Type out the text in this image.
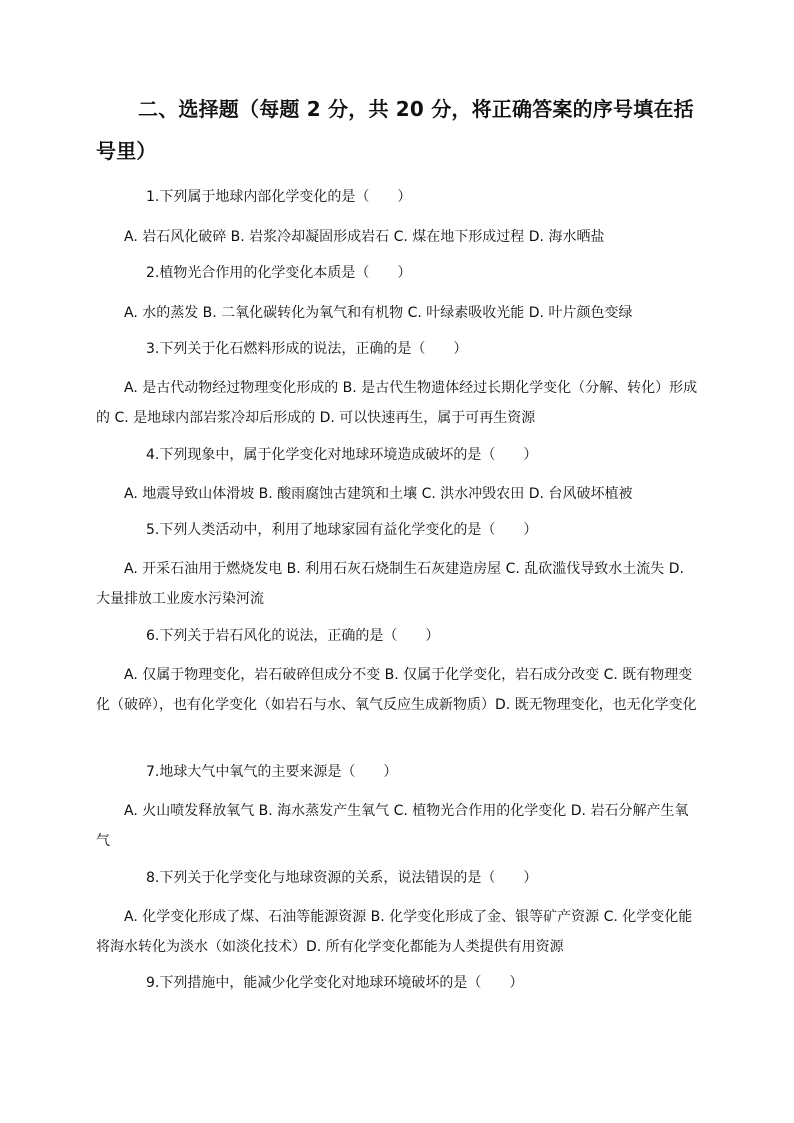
二、选择题（每题 2 分，共 20 分，将正确答案的序号填在括号里）
1.下列属于地球内部化学变化的是（　　）
A. 岩石风化破碎 B. 岩浆冷却凝固形成岩石 C. 煤在地下形成过程 D. 海水晒盐
2.植物光合作用的化学变化本质是（　　）
A. 水的蒸发 B. 二氧化碳转化为氧气和有机物 C. 叶绿素吸收光能 D. 叶片颜色变绿
3.下列关于化石燃料形成的说法，正确的是（　　）
A. 是古代动物经过物理变化形成的 B. 是古代生物遗体经过长期化学变化（分解、转化）形成的 C. 是地球内部岩浆冷却后形成的 D. 可以快速再生，属于可再生资源
4.下列现象中，属于化学变化对地球环境造成破坏的是（　　）
A. 地震导致山体滑坡 B. 酸雨腐蚀古建筑和土壤 C. 洪水冲毁农田 D. 台风破坏植被
5.下列人类活动中，利用了地球家园有益化学变化的是（　　）
A. 开采石油用于燃烧发电 B. 利用石灰石烧制生石灰建造房屋 C. 乱砍滥伐导致水土流失 D. 大量排放工业废水污染河流
6.下列关于岩石风化的说法，正确的是（　　）
A. 仅属于物理变化，岩石破碎但成分不变 B. 仅属于化学变化，岩石成分改变 C. 既有物理变化（破碎），也有化学变化（如岩石与水、氧气反应生成新物质）D. 既无物理变化，也无化学变化
7.地球大气中氧气的主要来源是（　　）
A. 火山喷发释放氧气 B. 海水蒸发产生氧气 C. 植物光合作用的化学变化 D. 岩石分解产生氧气
8.下列关于化学变化与地球资源的关系，说法错误的是（　　）
A. 化学变化形成了煤、石油等能源资源 B. 化学变化形成了金、银等矿产资源 C. 化学变化能将海水转化为淡水（如淡化技术）D. 所有化学变化都能为人类提供有用资源
9.下列措施中，能减少化学变化对地球环境破坏的是（　　）
